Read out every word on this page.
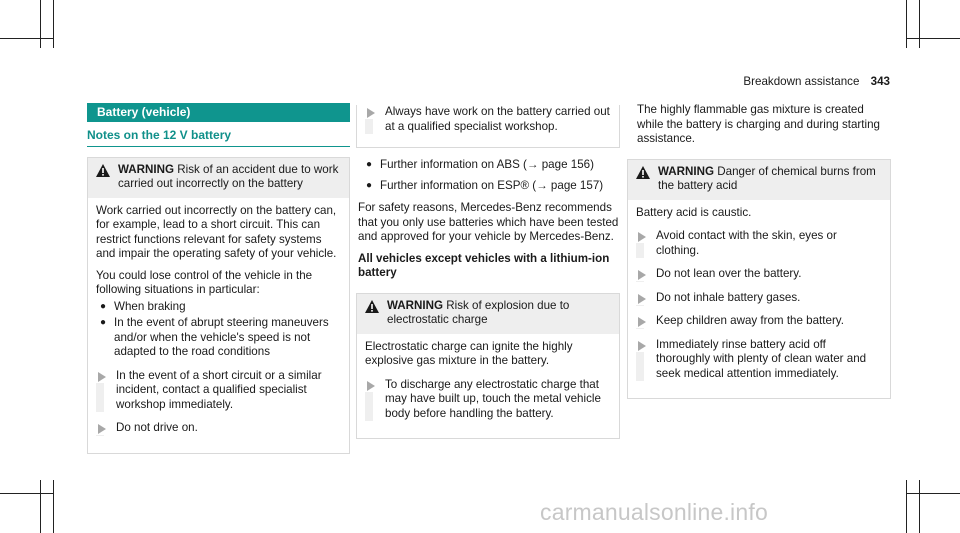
Breakdown assistance 343
Battery (vehicle)
Notes on the 12 V battery
WARNING Risk of an accident due to work carried out incorrectly on the battery

Work carried out incorrectly on the battery can, for example, lead to a short circuit. This can restrict functions relevant for safety systems and impair the operating safety of your vehicle.

You could lose control of the vehicle in the following situations in particular:

● When braking
● In the event of abrupt steering maneuvers and/or when the vehicle's speed is not adapted to the road conditions
In the event of a short circuit or a similar incident, contact a qualified specialist workshop immediately.
Do not drive on.
Always have work on the battery carried out at a qualified specialist workshop.
● Further information on ABS (→ page 156)
● Further information on ESP® (→ page 157)

For safety reasons, Mercedes-Benz recommends that you only use batteries which have been tested and approved for your vehicle by Mercedes-Benz.

All vehicles except vehicles with a lithium-ion battery

WARNING Risk of explosion due to electrostatic charge

Electrostatic charge can ignite the highly explosive gas mixture in the battery.

To discharge any electrostatic charge that may have built up, touch the metal vehicle body before handling the battery.

The highly flammable gas mixture is created while the battery is charging and during starting assistance.

WARNING Danger of chemical burns from the battery acid

Battery acid is caustic.

Avoid contact with the skin, eyes or clothing.
Do not lean over the battery.
Do not inhale battery gases.
Keep children away from the battery.
Immediately rinse battery acid off thoroughly with plenty of clean water and seek medical attention immediately.
carmanualsonline.info
